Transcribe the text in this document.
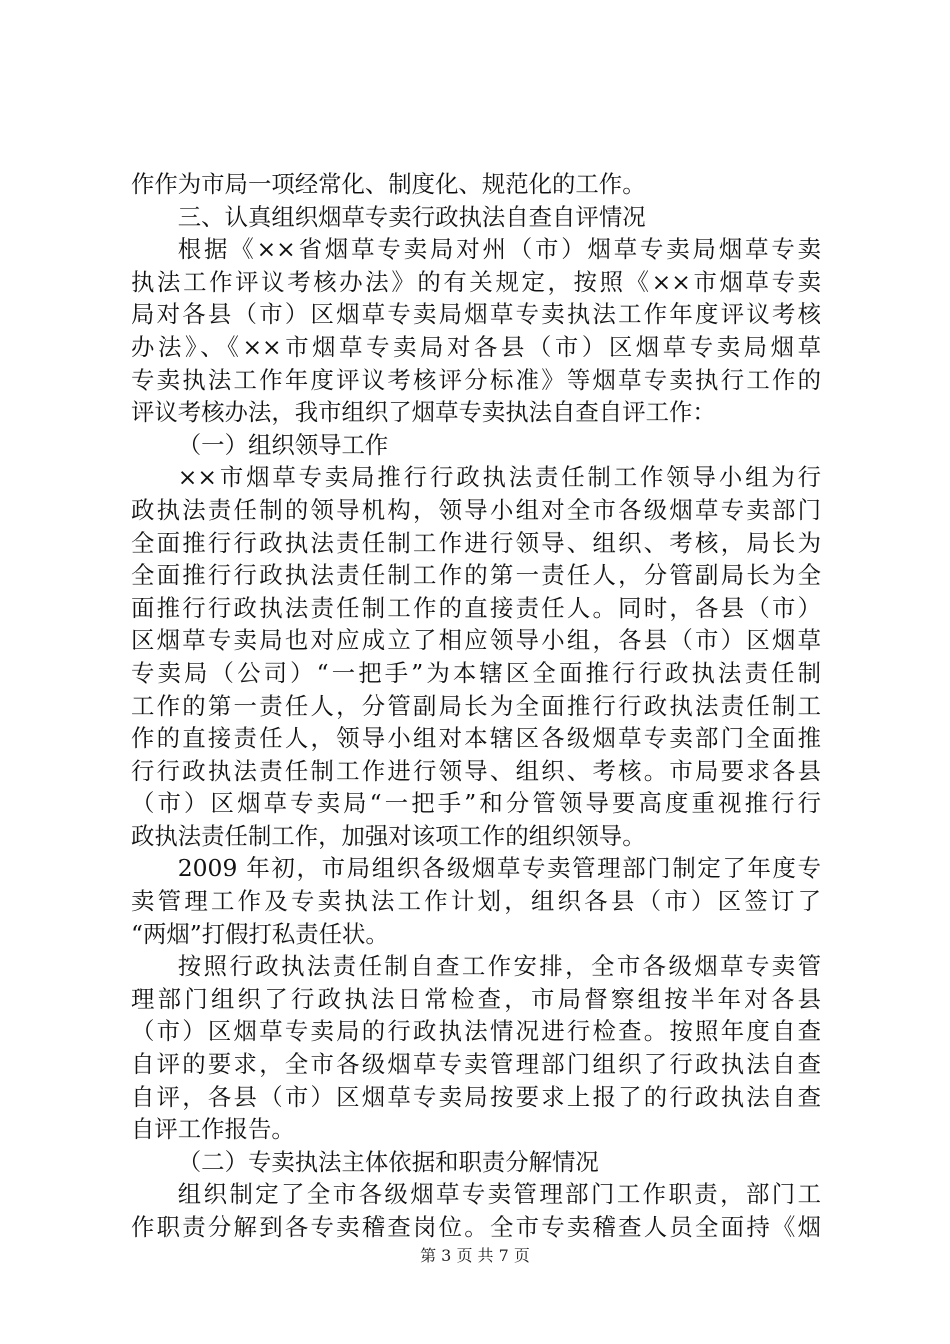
作作为市局一项经常化、制度化、规范化的工作。
三、认真组织烟草专卖行政执法自查自评情况
根据《××省烟草专卖局对州（市）烟草专卖局烟草专卖
执法工作评议考核办法》的有关规定，按照《××市烟草专卖
局对各县（市）区烟草专卖局烟草专卖执法工作年度评议考核
办法》、《××市烟草专卖局对各县（市）区烟草专卖局烟草
专卖执法工作年度评议考核评分标准》等烟草专卖执行工作的
评议考核办法，我市组织了烟草专卖执法自查自评工作：
（一）组织领导工作
××市烟草专卖局推行行政执法责任制工作领导小组为行
政执法责任制的领导机构，领导小组对全市各级烟草专卖部门
全面推行行政执法责任制工作进行领导、组织、考核，局长为
全面推行行政执法责任制工作的第一责任人，分管副局长为全
面推行行政执法责任制工作的直接责任人。同时，各县（市）
区烟草专卖局也对应成立了相应领导小组，各县（市）区烟草
专卖局（公司）“一把手”为本辖区全面推行行政执法责任制
工作的第一责任人，分管副局长为全面推行行政执法责任制工
作的直接责任人，领导小组对本辖区各级烟草专卖部门全面推
行行政执法责任制工作进行领导、组织、考核。市局要求各县
（市）区烟草专卖局“一把手”和分管领导要高度重视推行行
政执法责任制工作，加强对该项工作的组织领导。
2009 年初，市局组织各级烟草专卖管理部门制定了年度专
卖管理工作及专卖执法工作计划，组织各县（市）区签订了
“两烟”打假打私责任状。
按照行政执法责任制自查工作安排，全市各级烟草专卖管
理部门组织了行政执法日常检查，市局督察组按半年对各县
（市）区烟草专卖局的行政执法情况进行检查。按照年度自查
自评的要求，全市各级烟草专卖管理部门组织了行政执法自查
自评，各县（市）区烟草专卖局按要求上报了的行政执法自查
自评工作报告。
（二）专卖执法主体依据和职责分解情况
组织制定了全市各级烟草专卖管理部门工作职责，部门工
作职责分解到各专卖稽查岗位。全市专卖稽查人员全面持《烟
第 3 页 共 7 页
